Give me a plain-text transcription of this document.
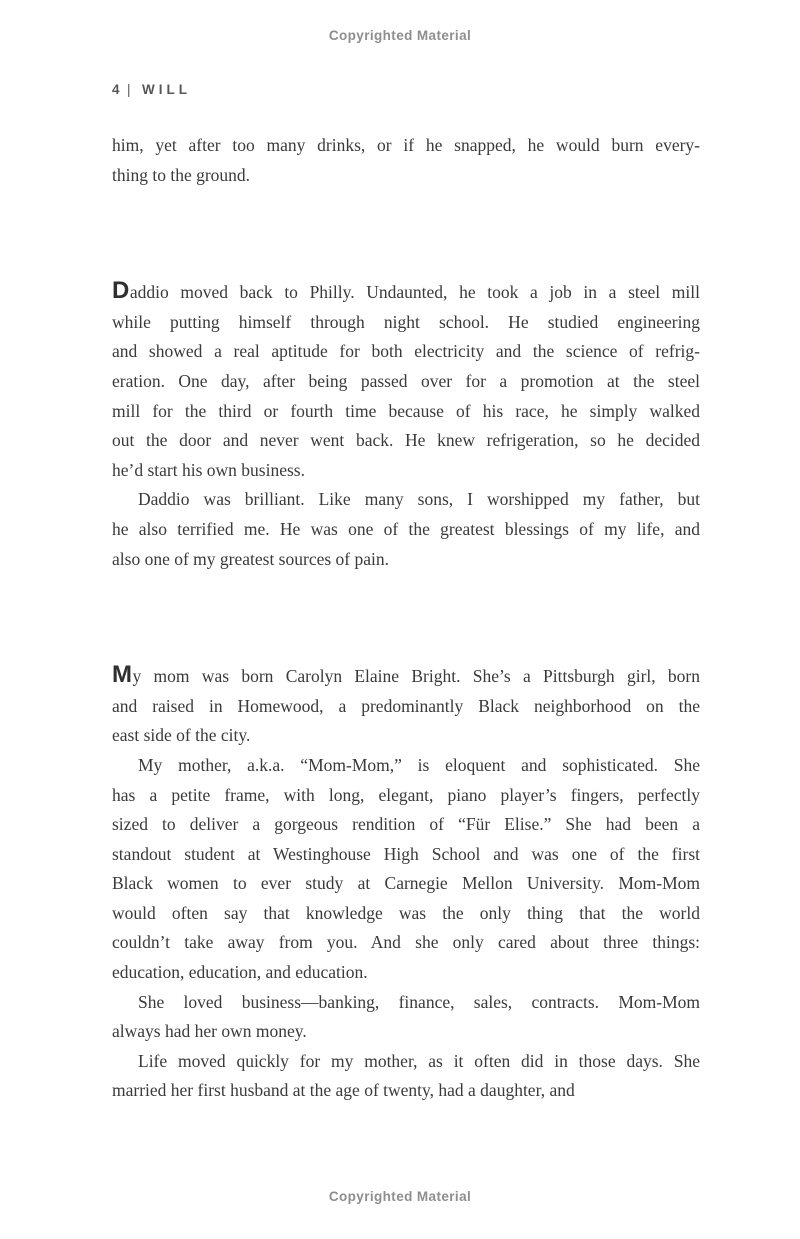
Copyrighted Material
4 | WILL

him, yet after too many drinks, or if he snapped, he would burn every-
thing to the ground.

Daddio moved back to Philly. Undaunted, he took a job in a steel mill
while putting himself through night school. He studied engineering
and showed a real aptitude for both electricity and the science of refrig-
eration. One day, after being passed over for a promotion at the steel
mill for the third or fourth time because of his race, he simply walked
out the door and never went back. He knew refrigeration, so he decided
he’d start his own business.

Daddio was brilliant. Like many sons, I worshipped my father, but
he also terrified me. He was one of the greatest blessings of my life, and
also one of my greatest sources of pain.

My mom was born Carolyn Elaine Bright. She’s a Pittsburgh girl, born
and raised in Homewood, a predominantly Black neighborhood on the
east side of the city.

My mother, a.k.a. “Mom-Mom,” is eloquent and sophisticated. She
has a petite frame, with long, elegant, piano player’s fingers, perfectly
sized to deliver a gorgeous rendition of “Für Elise.” She had been a
standout student at Westinghouse High School and was one of the first
Black women to ever study at Carnegie Mellon University. Mom-Mom
would often say that knowledge was the only thing that the world
couldn’t take away from you. And she only cared about three things:
education, education, and education.

She loved business—banking, finance, sales, contracts. Mom-Mom
always had her own money.

Life moved quickly for my mother, as it often did in those days. She
married her first husband at the age of twenty, had a daughter, and

Copyrighted Material
